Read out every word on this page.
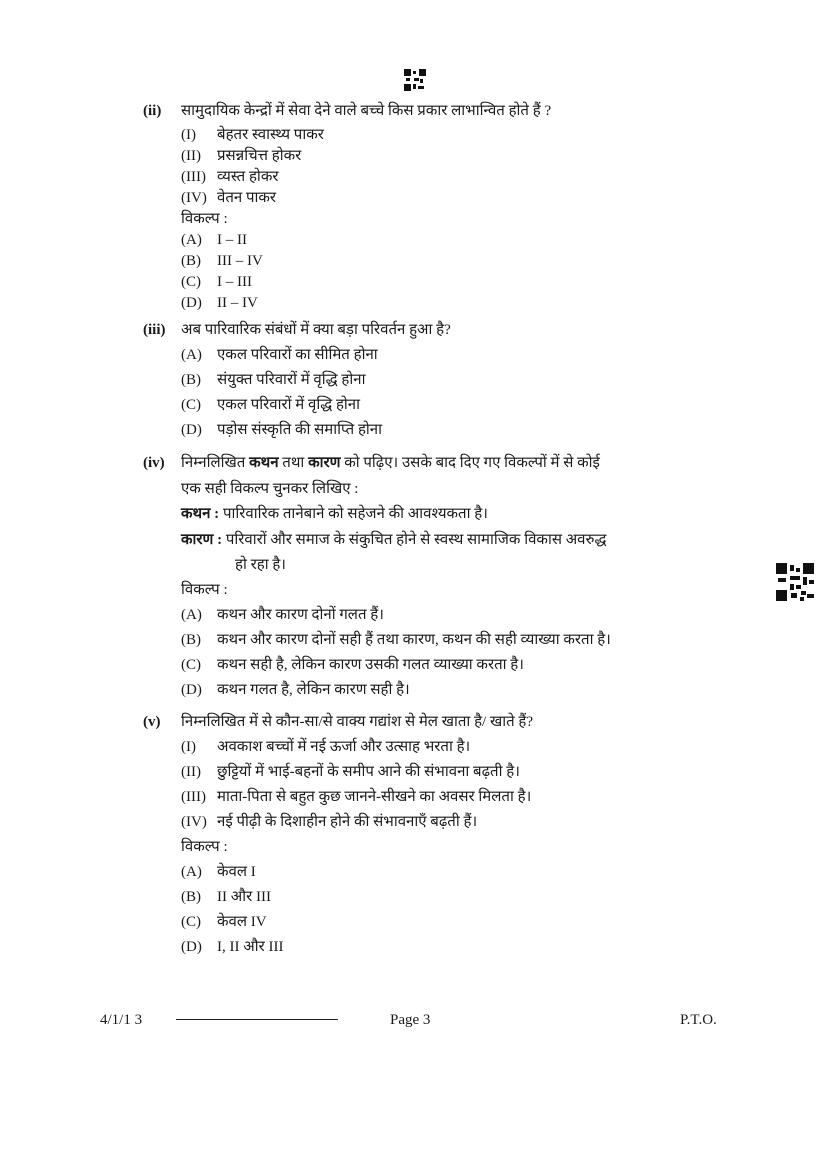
(ii) सामुदायिक केन्द्रों में सेवा देने वाले बच्चे किस प्रकार लाभान्वित होते हैं ?
(I) बेहतर स्वास्थ्य पाकर
(II) प्रसन्नचित्त होकर
(III) व्यस्त होकर
(IV) वेतन पाकर
विकल्प :
(A) I – II
(B) III – IV
(C) I – III
(D) II – IV
(iii) अब पारिवारिक संबंधों में क्या बड़ा परिवर्तन हुआ है?
(A) एकल परिवारों का सीमित होना
(B) संयुक्त परिवारों में वृद्धि होना
(C) एकल परिवारों में वृद्धि होना
(D) पड़ोस संस्कृति की समाप्ति होना
(iv) निम्नलिखित कथन तथा कारण को पढ़िए। उसके बाद दिए गए विकल्पों में से कोई
एक सही विकल्प चुनकर लिखिए :
कथन : पारिवारिक तानेबाने को सहेजने की आवश्यकता है।
कारण : परिवारों और समाज के संकुचित होने से स्वस्थ सामाजिक विकास अवरुद्ध
हो रहा है।
विकल्प :
(A) कथन और कारण दोनों गलत हैं।
(B) कथन और कारण दोनों सही हैं तथा कारण, कथन की सही व्याख्या करता है।
(C) कथन सही है, लेकिन कारण उसकी गलत व्याख्या करता है।
(D) कथन गलत है, लेकिन कारण सही है।
(v) निम्नलिखित में से कौन-सा/से वाक्य गद्यांश से मेल खाता है/ खाते हैं?
(I) अवकाश बच्चों में नई ऊर्जा और उत्साह भरता है।
(II) छुट्टियों में भाई-बहनों के समीप आने की संभावना बढ़ती है।
(III) माता-पिता से बहुत कुछ जानने-सीखने का अवसर मिलता है।
(IV) नई पीढ़ी के दिशाहीन होने की संभावनाएँ बढ़ती हैं।
विकल्प :
(A) केवल I
(B) II और III
(C) केवल IV
(D) I, II और III
4/1/1 3	Page 3	P.T.O.
